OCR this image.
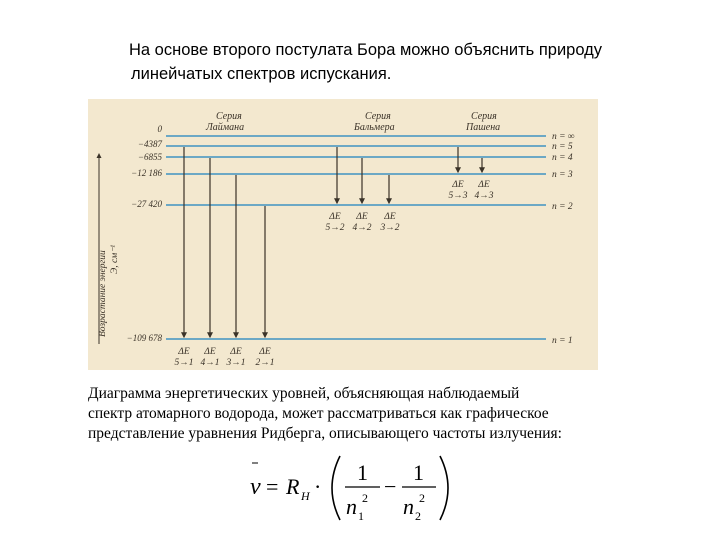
На основе второго постулата Бора можно объяснить природу
линейчатых спектров испускания.
Возрастание энергии Э, см⁻¹
Серия
Лаймана
Серия
Бальмера
Серия
Пашена
0
−4387
−6855
−12 186
−27 420
−109 678
n = ∞
n = 5
n = 4
n = 3
n = 2
n = 1
ΔE
5→1
ΔE
4→1
ΔE
3→1
ΔE
2→1
ΔE
5→2
ΔE
4→2
ΔE
3→2
ΔE
5→3
ΔE
4→3
Диаграмма энергетических уровней, объясняющая наблюдаемый
спектр атомарного водорода, может рассматриваться как графическое
представление уравнения Ридберга, описывающего частоты излучения:
ν = R H ·
1
n 1
2 −
1
n 2
2
